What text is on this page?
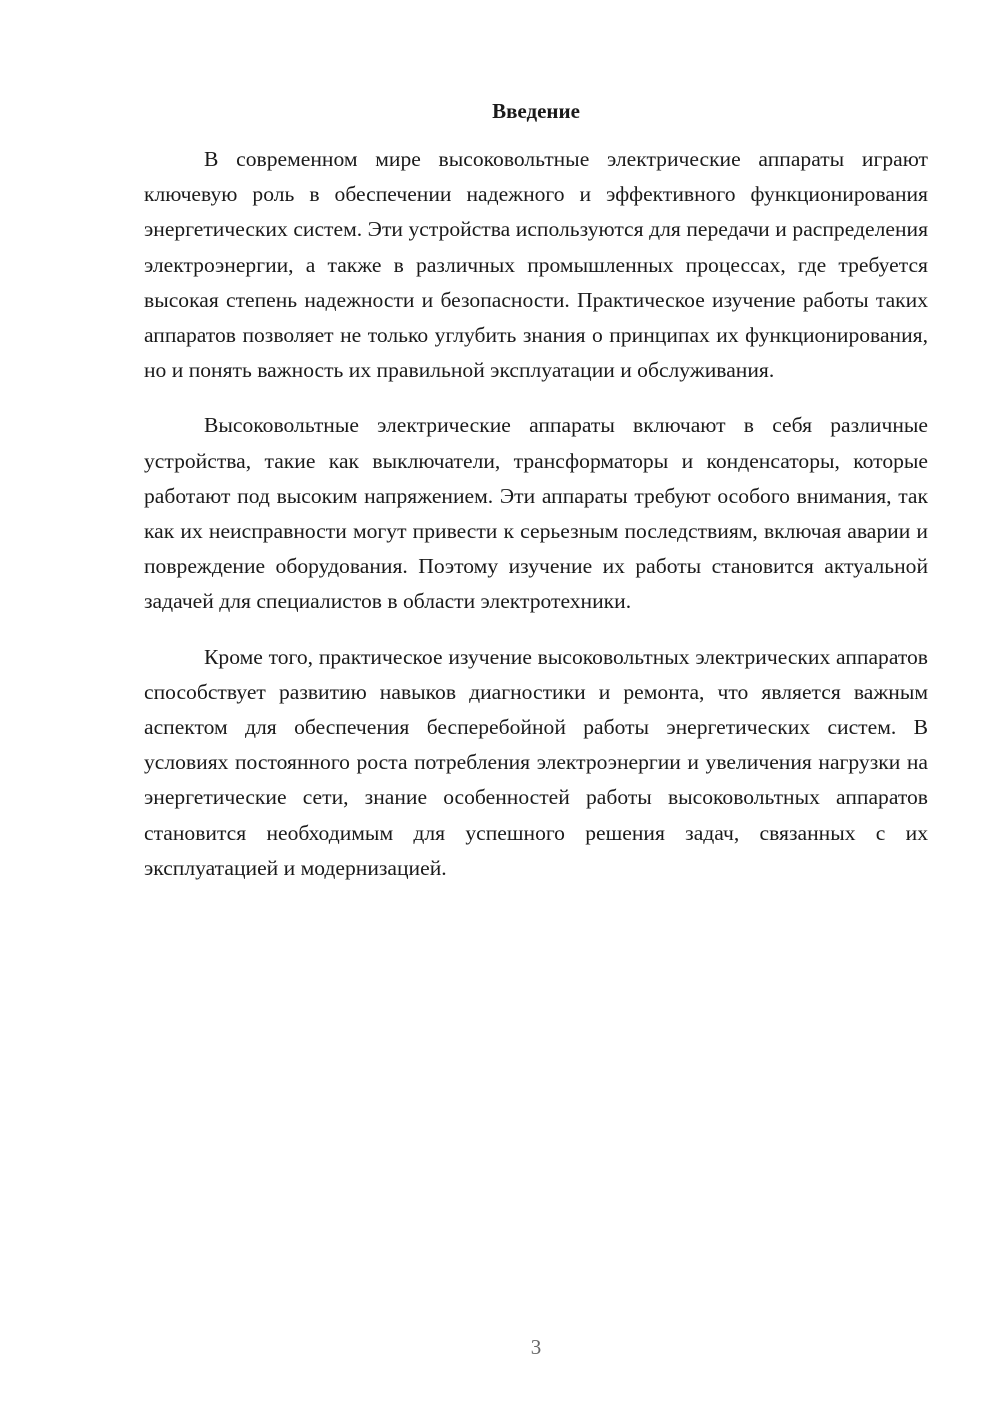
Введение

В современном мире высоковольтные электрические аппараты играют ключевую роль в обеспечении надежного и эффективного функционирования энергетических систем. Эти устройства используются для передачи и распределения электроэнергии, а также в различных промышленных процессах, где требуется высокая степень надежности и безопасности. Практическое изучение работы таких аппаратов позволяет не только углубить знания о принципах их функционирования, но и понять важность их правильной эксплуатации и обслуживания.

Высоковольтные электрические аппараты включают в себя различные устройства, такие как выключатели, трансформаторы и конденсаторы, которые работают под высоким напряжением. Эти аппараты требуют особого внимания, так как их неисправности могут привести к серьезным последствиям, включая аварии и повреждение оборудования. Поэтому изучение их работы становится актуальной задачей для специалистов в области электротехники.

Кроме того, практическое изучение высоковольтных электрических аппаратов способствует развитию навыков диагностики и ремонта, что является важным аспектом для обеспечения бесперебойной работы энергетических систем. В условиях постоянного роста потребления электроэнергии и увеличения нагрузки на энергетические сети, знание особенностей работы высоковольтных аппаратов становится необходимым для успешного решения задач, связанных с их эксплуатацией и модернизацией.

3
